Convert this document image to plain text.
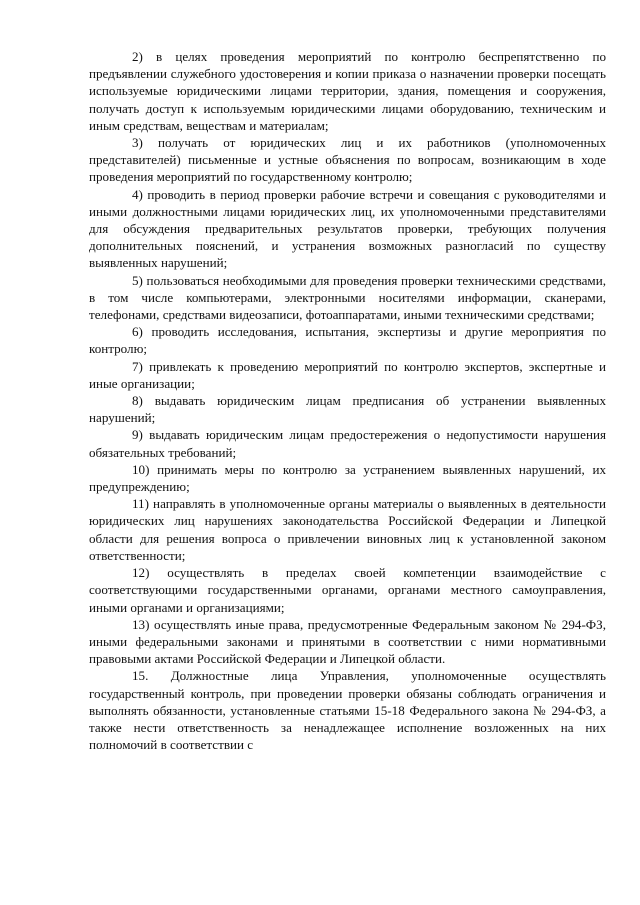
2) в целях проведения мероприятий по контролю беспрепятственно по предъявлении служебного удостоверения и копии приказа о назначении проверки посещать используемые юридическими лицами территории, здания, помещения и сооружения, получать доступ к используемым юридическими лицами оборудованию, техническим и иным средствам, веществам и материалам;

3) получать от юридических лиц и их работников (уполномоченных представителей) письменные и устные объяснения по вопросам, возникающим в ходе проведения мероприятий по государственному контролю;

4) проводить в период проверки рабочие встречи и совещания с руководителями и иными должностными лицами юридических лиц, их уполномоченными представителями для обсуждения предварительных результатов проверки, требующих получения дополнительных пояснений, и устранения возможных разногласий по существу выявленных нарушений;

5) пользоваться необходимыми для проведения проверки техническими средствами, в том числе компьютерами, электронными носителями информации, сканерами, телефонами, средствами видеозаписи, фотоаппаратами, иными техническими средствами;

6) проводить исследования, испытания, экспертизы и другие мероприятия по контролю;

7) привлекать к проведению мероприятий по контролю экспертов, экспертные и иные организации;

8) выдавать юридическим лицам предписания об устранении выявленных нарушений;

9) выдавать юридическим лицам предостережения о недопустимости нарушения обязательных требований;

10) принимать меры по контролю за устранением выявленных нарушений, их предупреждению;

11) направлять в уполномоченные органы материалы о выявленных в деятельности юридических лиц нарушениях законодательства Российской Федерации и Липецкой области для решения вопроса о привлечении виновных лиц к установленной законом ответственности;

12) осуществлять в пределах своей компетенции взаимодействие с соответствующими государственными органами, органами местного самоуправления, иными органами и организациями;

13) осуществлять иные права, предусмотренные Федеральным законом № 294-ФЗ, иными федеральными законами и принятыми в соответствии с ними нормативными правовыми актами Российской Федерации и Липецкой области.

15. Должностные лица Управления, уполномоченные осуществлять государственный контроль, при проведении проверки обязаны соблюдать ограничения и выполнять обязанности, установленные статьями 15-18 Федерального закона № 294-ФЗ, а также нести ответственность за ненадлежащее исполнение возложенных на них полномочий в соответствии с
